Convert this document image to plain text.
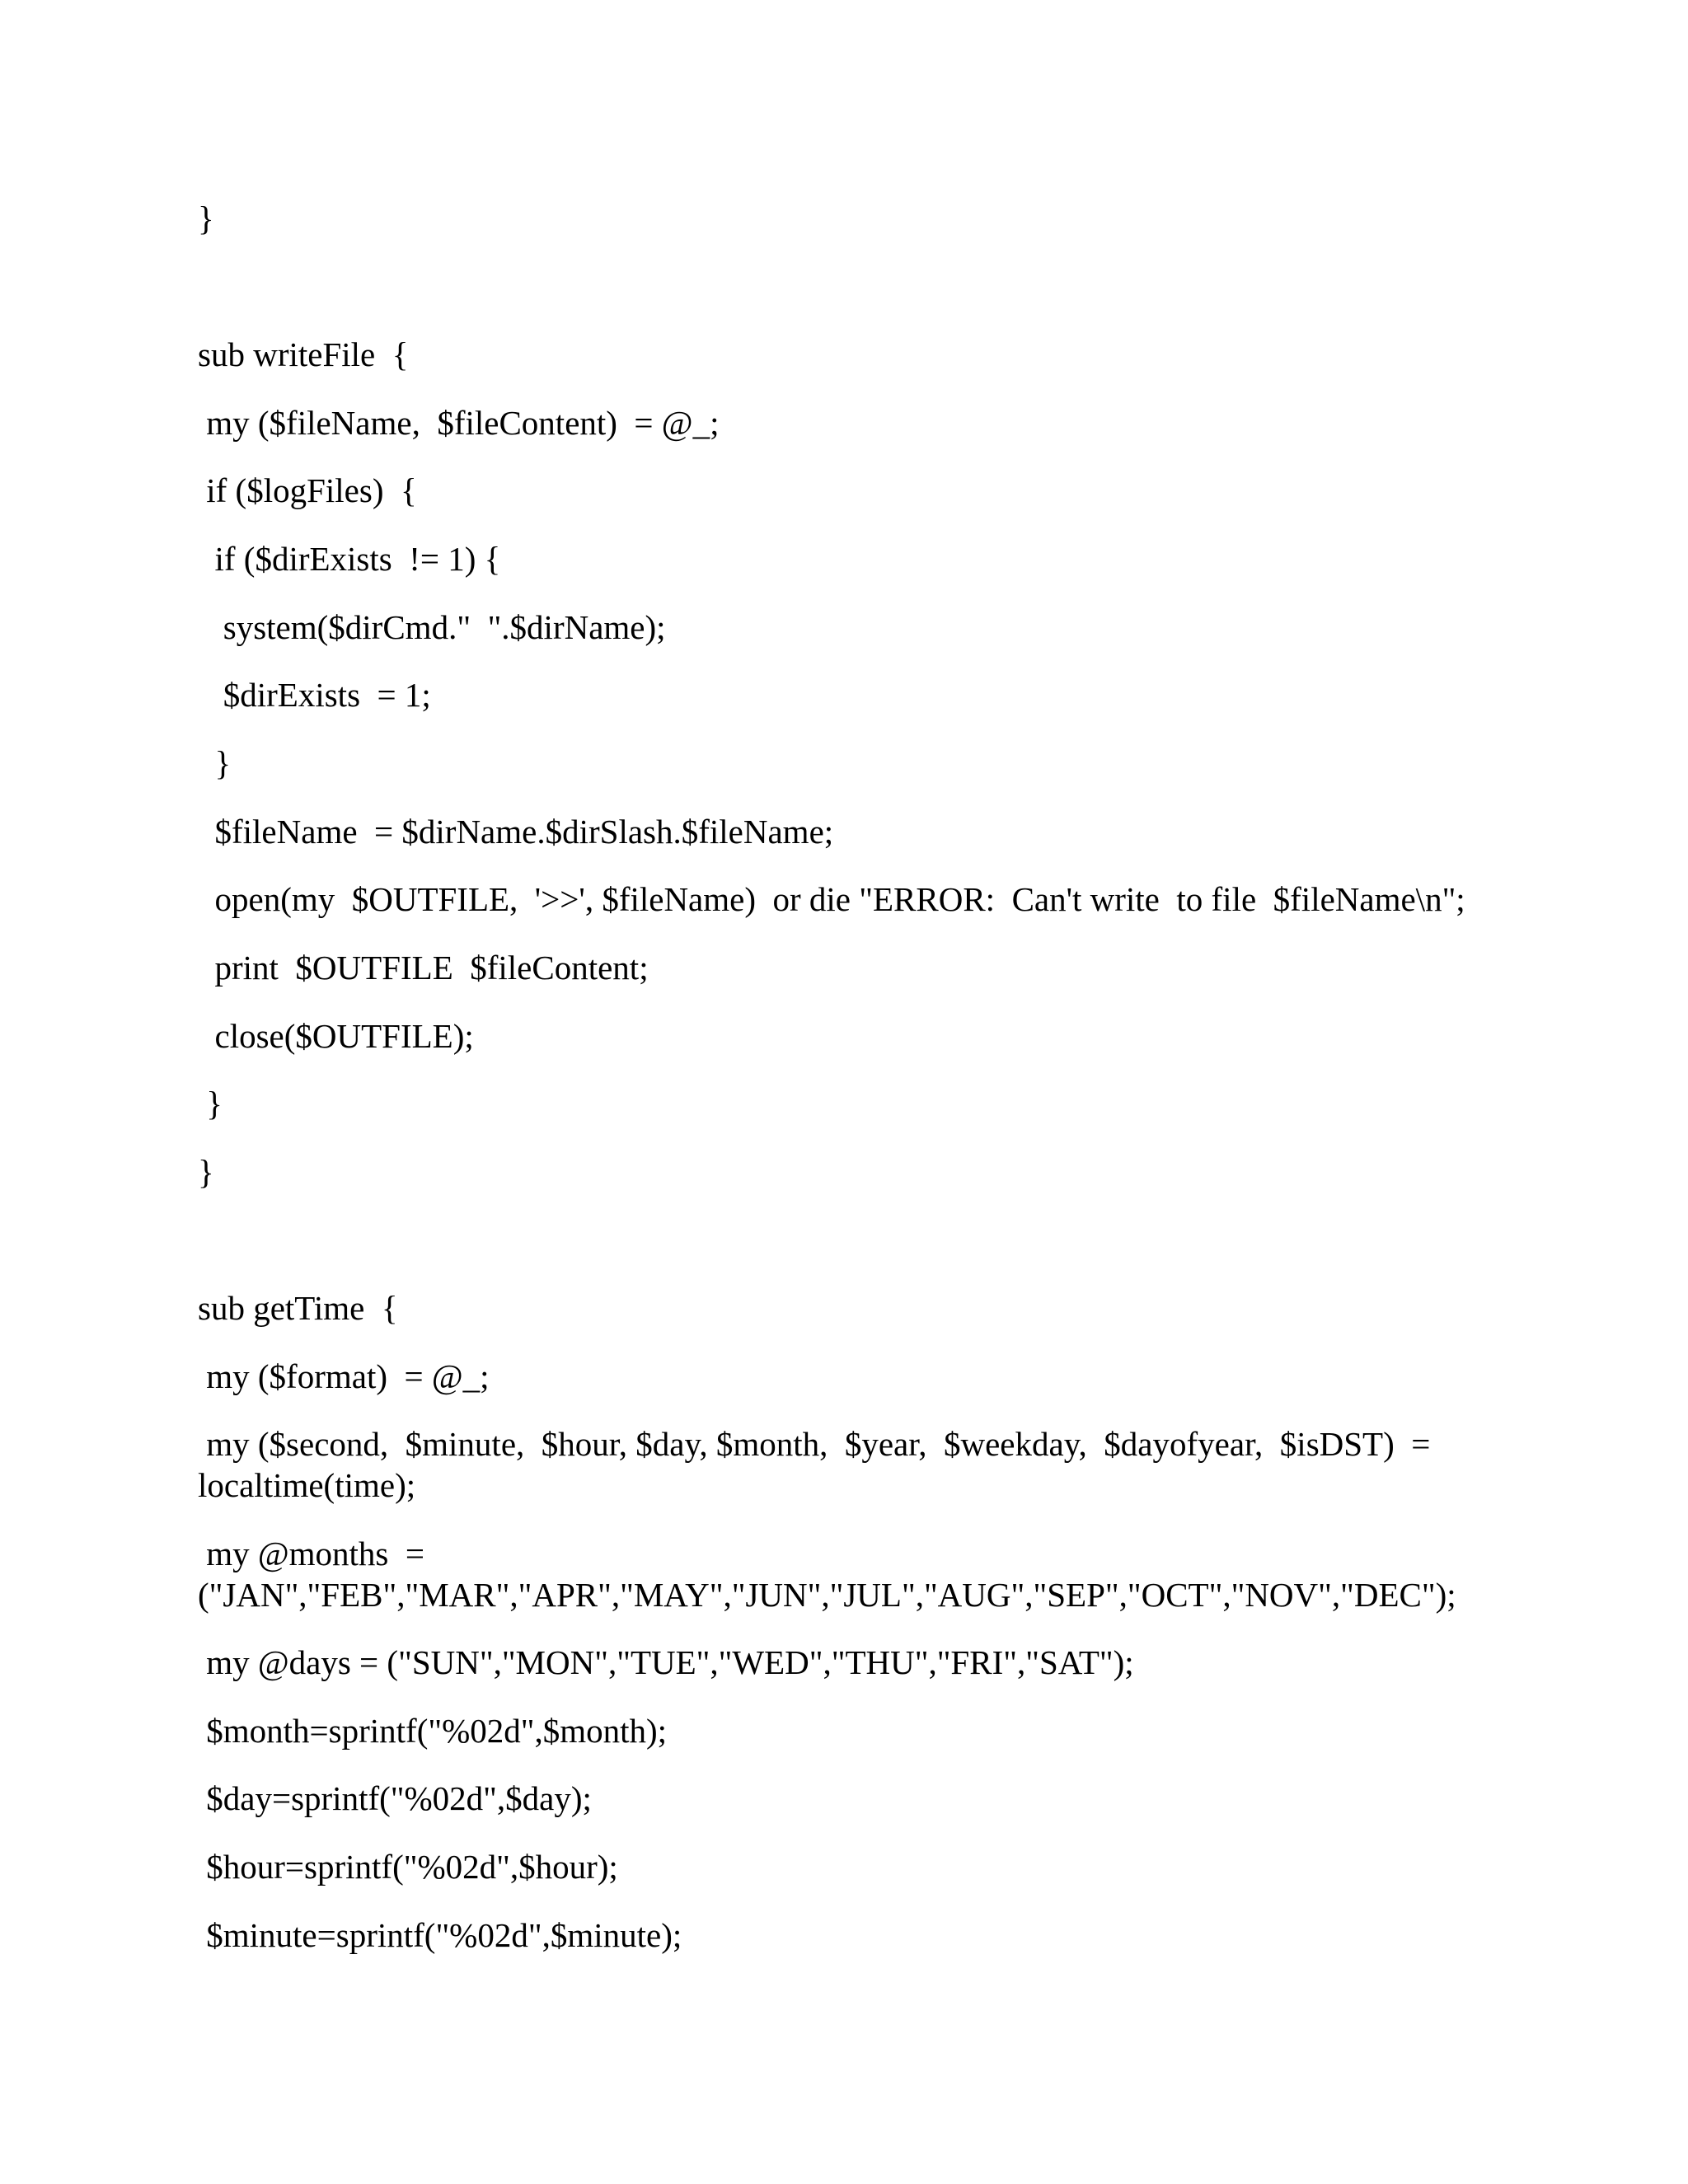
}

sub writeFile  {

my ($fileName,  $fileContent)  = @_;

if ($logFiles)  {

if ($dirExists  != 1) {

system($dirCmd."  ".$dirName);

$dirExists  = 1;

}

$fileName  = $dirName.$dirSlash.$fileName;

open(my  $OUTFILE,  '>>', $fileName)  or die "ERROR:  Can't write  to file  $fileName\n";

print  $OUTFILE  $fileContent;

close($OUTFILE);

}

}

sub getTime  {

my ($format)  = @_;

my ($second,  $minute,  $hour, $day, $month,  $year,  $weekday,  $dayofyear,  $isDST)  =

localtime(time);

my @months  =

("JAN","FEB","MAR","APR","MAY","JUN","JUL","AUG","SEP","OCT","NOV","DEC");

my @days = ("SUN","MON","TUE","WED","THU","FRI","SAT");

$month=sprintf("%02d",$month);

$day=sprintf("%02d",$day);

$hour=sprintf("%02d",$hour);

$minute=sprintf("%02d",$minute);
